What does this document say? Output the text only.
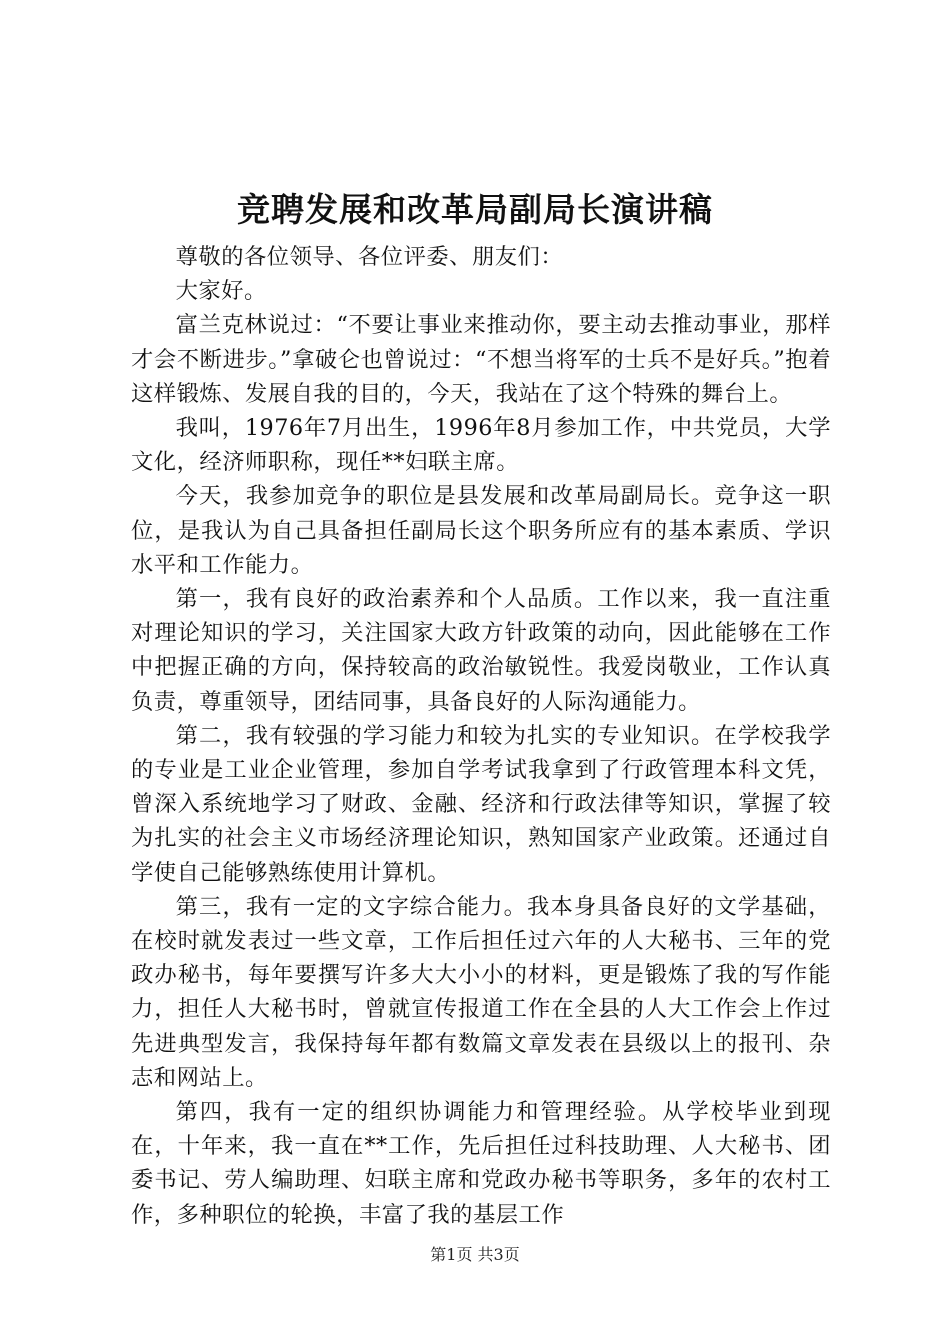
竞聘发展和改革局副局长演讲稿

尊敬的各位领导、各位评委、朋友们：

大家好。

富兰克林说过：“不要让事业来推动你，要主动去推动事业，那样才会不断进步。”拿破仑也曾说过：“不想当将军的士兵不是好兵。”抱着这样锻炼、发展自我的目的，今天，我站在了这个特殊的舞台上。

我叫，1976年7月出生，1996年8月参加工作，中共党员，大学文化，经济师职称，现任**妇联主席。

今天，我参加竞争的职位是县发展和改革局副局长。竞争这一职位，是我认为自己具备担任副局长这个职务所应有的基本素质、学识水平和工作能力。

第一，我有良好的政治素养和个人品质。工作以来，我一直注重对理论知识的学习，关注国家大政方针政策的动向，因此能够在工作中把握正确的方向，保持较高的政治敏锐性。我爱岗敬业，工作认真负责，尊重领导，团结同事，具备良好的人际沟通能力。

第二，我有较强的学习能力和较为扎实的专业知识。在学校我学的专业是工业企业管理，参加自学考试我拿到了行政管理本科文凭，曾深入系统地学习了财政、金融、经济和行政法律等知识，掌握了较为扎实的社会主义市场经济理论知识，熟知国家产业政策。还通过自学使自己能够熟练使用计算机。

第三，我有一定的文字综合能力。我本身具备良好的文学基础，在校时就发表过一些文章，工作后担任过六年的人大秘书、三年的党政办秘书，每年要撰写许多大大小小的材料，更是锻炼了我的写作能力，担任人大秘书时，曾就宣传报道工作在全县的人大工作会上作过先进典型发言，我保持每年都有数篇文章发表在县级以上的报刊、杂志和网站上。

第四，我有一定的组织协调能力和管理经验。从学校毕业到现在，十年来，我一直在**工作，先后担任过科技助理、人大秘书、团委书记、劳人编助理、妇联主席和党政办秘书等职务，多年的农村工作，多种职位的轮换，丰富了我的基层工作

第1页 共3页
